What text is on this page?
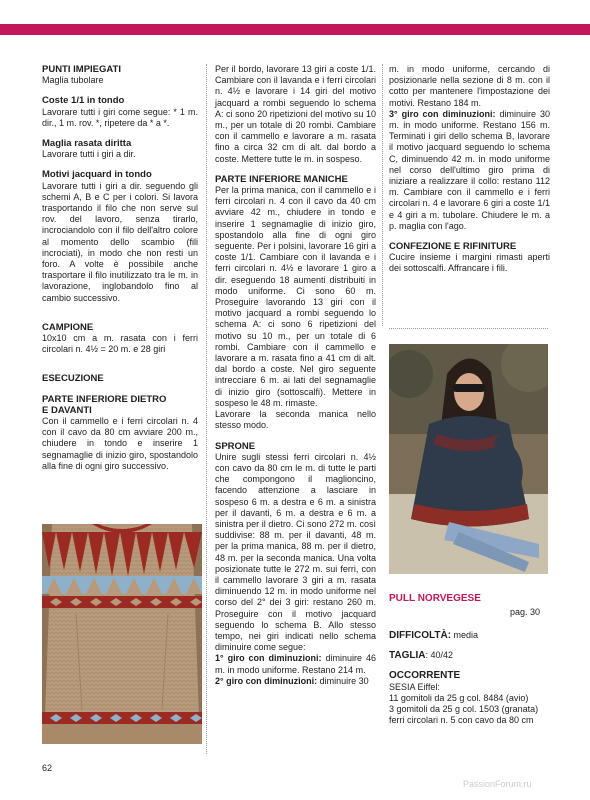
PUNTI IMPIEGATI

Maglia tubolare

Coste 1/1 in tondo

Lavorare tutti i giri come segue: * 1 m. dir., 1 m. rov. *, ripetere da * a *.

Maglia rasata diritta

Lavorare tutti i giri a dir.

Motivi jacquard in tondo

Lavorare tutti i giri a dir. seguendo gli schemi A, B e C per i colori. Si lavora trasportando il filo che non serve sul rov. del lavoro, senza tirarlo, incrociandolo con il filo dell'altro colore al momento dello scambio (fili incrociati), in modo che non resti un foro. A volte è possibile anche trasportare il filo inutilizzato tra le m. in lavorazione, inglobandolo fino al cambio successivo.

CAMPIONE

10x10 cm a m. rasata con i ferri circolari n. 4½ = 20 m. e 28 giri

ESECUZIONE

PARTE INFERIORE DIETRO

E DAVANTI

Con il cammello e i ferri circolari n. 4 con il cavo da 80 cm avviare 200 m., chiudere in tondo e inserire 1 segnamaglie di inizio giro, spostandolo alla fine di ogni giro successivo.

Per il bordo, lavorare 13 giri a coste 1/1. Cambiare con il lavanda e i ferri circolari n. 4½ e lavorare i 14 giri del motivo jacquard a rombi seguendo lo schema A: ci sono 20 ripetizioni del motivo su 10 m., per un totale di 20 rombi. Cambiare con il cammello e lavorare a m. rasata fino a circa 32 cm di alt. dal bordo a coste. Mettere tutte le m. in sospeso.

PARTE INFERIORE MANICHE

Per la prima manica, con il cammello e i ferri circolari n. 4 con il cavo da 40 cm avviare 42 m., chiudere in tondo e inserire 1 segnamaglie di inizio giro, spostandolo alla fine di ogni giro seguente. Per i polsini, lavorare 16 giri a coste 1/1. Cambiare con il lavanda e i ferri circolari n. 4½ e lavorare 1 giro a dir. eseguendo 18 aumenti distribuiti in modo uniforme. Ci sono 60 m. Proseguire lavorando 13 giri con il motivo jacquard a rombi seguendo lo schema A: ci sono 6 ripetizioni del motivo su 10 m., per un totale di 6 rombi. Cambiare con il cammello e lavorare a m. rasata fino a 41 cm di alt. dal bordo a coste. Nel giro seguente intrecciare 6 m. ai lati del segnamaglie di inizio giro (sottoscalfi). Mettere in sospeso le 48 m. rimaste.

Lavorare la seconda manica nello stesso modo.

SPRONE

Unire sugli stessi ferri circolari n. 4½ con cavo da 80 cm le m. di tutte le parti che compongono il maglioncino, facendo attenzione a lasciare in sospeso 6 m. a destra e 6 m. a sinistra per il davanti, 6 m. a destra e 6 m. a sinistra per il dietro. Ci sono 272 m. così suddivise: 88 m. per il davanti, 48 m. per la prima manica, 88 m. per il dietro, 48 m. per la seconda manica. Una volta posizionate tutte le 272 m. sui ferri, con il cammello lavorare 3 giri a m. rasata diminuendo 12 m. in modo uniforme nel corso del 2° dei 3 giri: restano 260 m. Proseguire con il motivo jacquard seguendo lo schema B. Allo stesso tempo, nei giri indicati nello schema diminuire come segue:

1° giro con diminuzioni: diminuire 46 m. in modo uniforme. Restano 214 m.

2° giro con diminuzioni: diminuire 30

m. in modo uniforme, cercando di posizionarle nella sezione di 8 m. con il cotto per mantenere l'impostazione dei motivi. Restano 184 m.

3° giro con diminuzioni: diminuire 30 m. in modo uniforme. Restano 156 m. Terminati i giri dello schema B, lavorare il motivo jacquard seguendo lo schema C, diminuendo 42 m. in modo uniforme nel corso dell'ultimo giro prima di iniziare a realizzare il collo: restano 112 m. Cambiare con il cammello e i ferri circolari n. 4 e lavorare 6 giri a coste 1/1 e 4 giri a m. tubolare. Chiudere le m. a p. maglia con l'ago.

CONFEZIONE E RIFINITURE

Cucire insieme i margini rimasti aperti dei sottoscalfi. Affrancare i fili.

PULL NORVEGESE
pag. 30

DIFFICOLTÀ: media

TAGLIA: 40/42

OCCORRENTE

SESIA Eiffel:

11 gomitoli da 25 g col. 8484 (avio)

3 gomitoli da 25 g col. 1503 (granata)

ferri circolari n. 5 con cavo da 80 cm

62
PassionForum.ru
